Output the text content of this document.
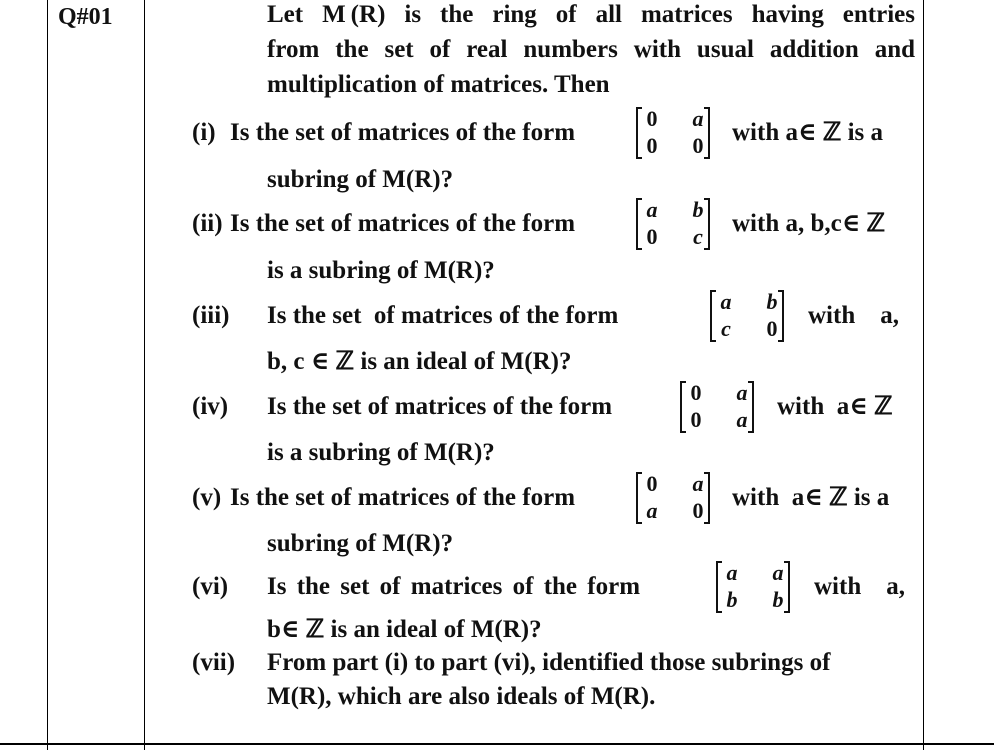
Q#01	Let M (R) is the ring of all matrices having entries
from the set of real numbers with usual addition and
multiplication of matrices. Then
(i) Is the set of matrices of the form
0 a
0 0 with a∈ ℤ is a
subring of M(R)?
(ii) Is the set of matrices of the form
a b
0 c with a, b,c∈ ℤ
is a subring of M(R)?
(iii) Is the set  of matrices of the form
a b
c 0 with    a,
b, c ∈ ℤ is an ideal of M(R)?
(iv) Is the set of matrices of the form
0 a
0 a with  a∈ ℤ
is a subring of M(R)?
(v) Is the set of matrices of the form
0 a
a 0 with  a∈ ℤ is a
subring of M(R)?
(vi) Is the set of matrices of the form
a a
b b with    a,
b∈ ℤ is an ideal of M(R)?
(vii) From part (i) to part (vi), identified those subrings of
M(R), which are also ideals of M(R).
